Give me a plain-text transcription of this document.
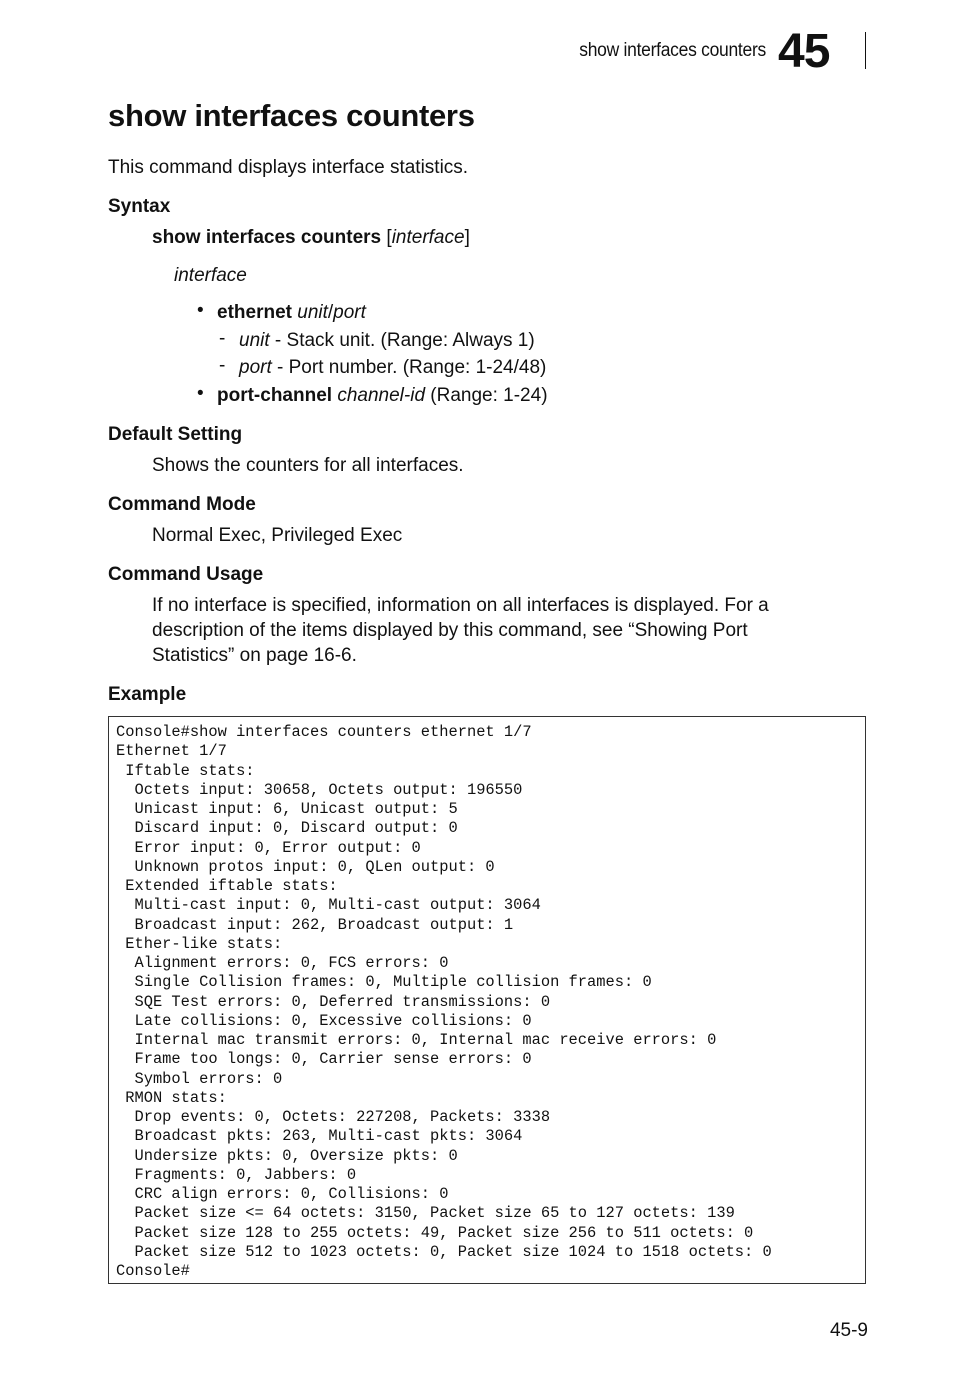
show interfaces counters 45
show interfaces counters

This command displays interface statistics.

Syntax

show interfaces counters [interface]

interface

• ethernet unit/port

- unit - Stack unit. (Range: Always 1)

- port - Port number. (Range: 1-24/48)

• port-channel channel-id (Range: 1-24)

Default Setting

Shows the counters for all interfaces.

Command Mode

Normal Exec, Privileged Exec

Command Usage

If no interface is specified, information on all interfaces is displayed. For a

description of the items displayed by this command, see “Showing Port

Statistics” on page 16-6.

Example

Console#show interfaces counters ethernet 1/7
Ethernet 1/7
Iftable stats:
Octets input: 30658, Octets output: 196550
Unicast input: 6, Unicast output: 5
Discard input: 0, Discard output: 0
Error input: 0, Error output: 0
Unknown protos input: 0, QLen output: 0
Extended iftable stats:
Multi-cast input: 0, Multi-cast output: 3064
Broadcast input: 262, Broadcast output: 1
Ether-like stats:
Alignment errors: 0, FCS errors: 0
Single Collision frames: 0, Multiple collision frames: 0
SQE Test errors: 0, Deferred transmissions: 0
Late collisions: 0, Excessive collisions: 0
Internal mac transmit errors: 0, Internal mac receive errors: 0
Frame too longs: 0, Carrier sense errors: 0
Symbol errors: 0
RMON stats:
Drop events: 0, Octets: 227208, Packets: 3338
Broadcast pkts: 263, Multi-cast pkts: 3064
Undersize pkts: 0, Oversize pkts: 0
Fragments: 0, Jabbers: 0
CRC align errors: 0, Collisions: 0
Packet size <= 64 octets: 3150, Packet size 65 to 127 octets: 139
Packet size 128 to 255 octets: 49, Packet size 256 to 511 octets: 0
Packet size 512 to 1023 octets: 0, Packet size 1024 to 1518 octets: 0
Console#
45-9
